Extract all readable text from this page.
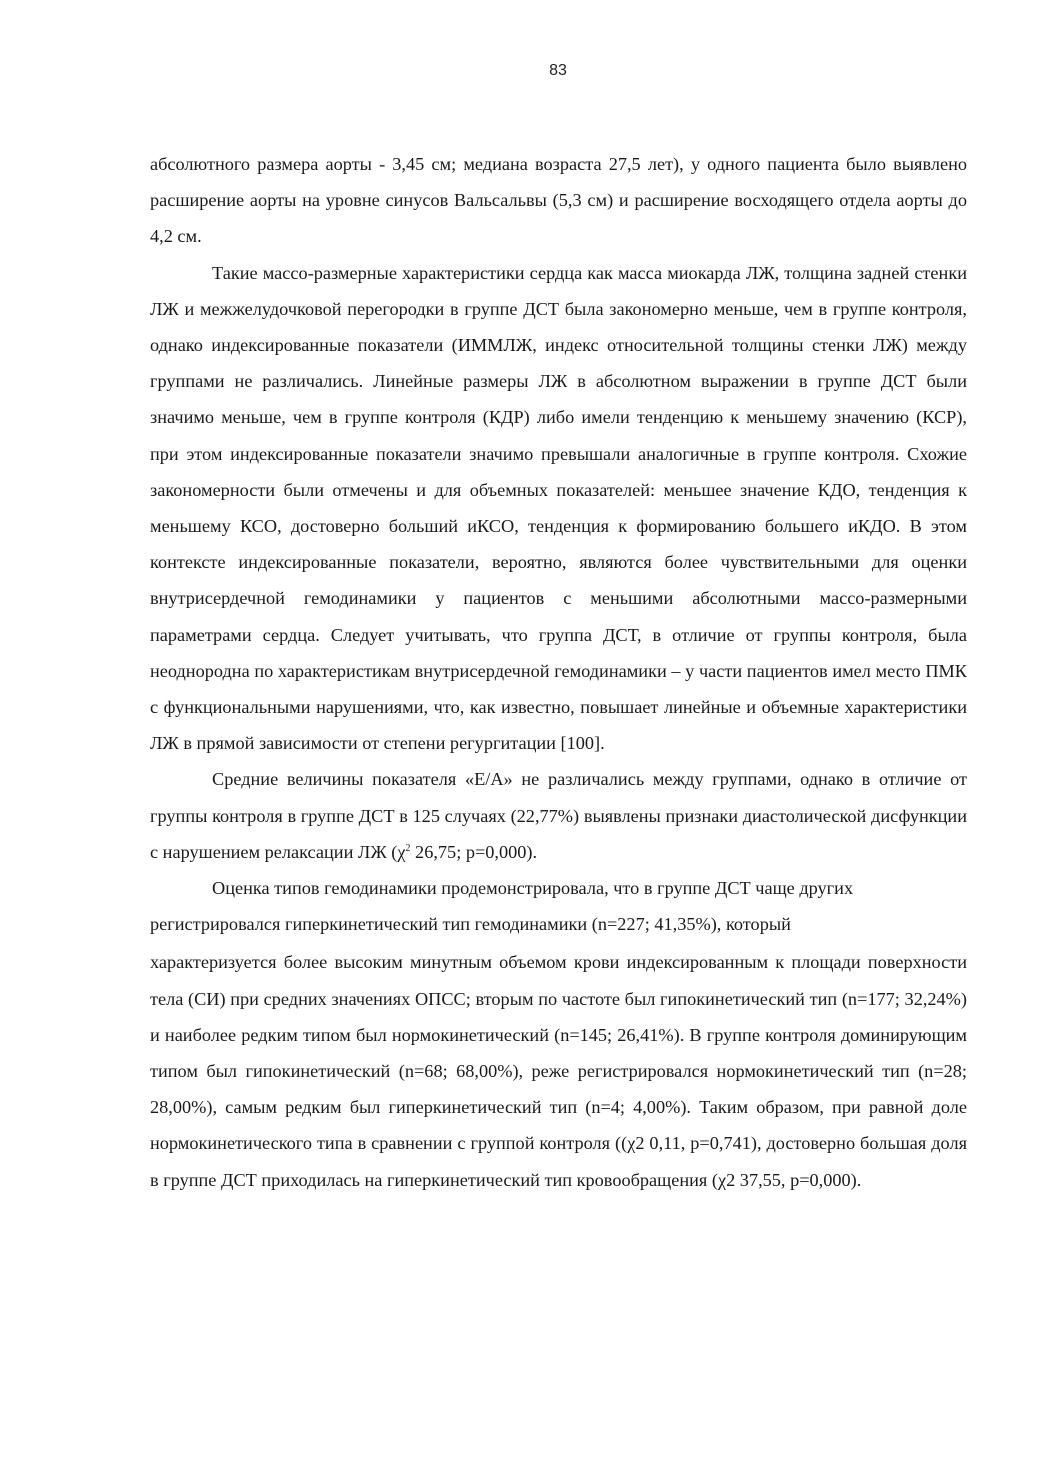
83

абсолютного размера аорты - 3,45 см; медиана возраста 27,5 лет), у одного пациента было выявлено расширение аорты на уровне синусов Вальсальвы (5,3 см) и расширение восходящего отдела аорты до 4,2 см.

Такие массо-размерные характеристики сердца как масса миокарда ЛЖ, толщина задней стенки ЛЖ и межжелудочковой перегородки в группе ДСТ была закономерно меньше, чем в группе контроля, однако индексированные показатели (ИММЛЖ, индекс относительной толщины стенки ЛЖ) между группами не различались. Линейные размеры ЛЖ в абсолютном выражении в группе ДСТ были значимо меньше, чем в группе контроля (КДР) либо имели тенденцию к меньшему значению (КСР), при этом индексированные показатели значимо превышали аналогичные в группе контроля. Схожие закономерности были отмечены и для объемных показателей: меньшее значение КДО, тенденция к меньшему КСО, достоверно больший иКСО, тенденция к формированию большего иКДО. В этом контексте индексированные показатели, вероятно, являются более чувствительными для оценки внутрисердечной гемодинамики у пациентов с меньшими абсолютными массо-размерными параметрами сердца. Следует учитывать, что группа ДСТ, в отличие от группы контроля, была неоднородна по характеристикам внутрисердечной гемодинамики – у части пациентов имел место ПМК с функциональными нарушениями, что, как известно, повышает линейные и объемные характеристики ЛЖ в прямой зависимости от степени регургитации [100].

Средние величины показателя «Е/А» не различались между группами, однако в отличие от группы контроля в группе ДСТ в 125 случаях (22,77%) выявлены признаки диастолической дисфункции с нарушением релаксации ЛЖ ($\chi^2$ 26,75; р=0,000).

Оценка типов гемодинамики продемонстрировала, что в группе ДСТ чаще других регистрировался гиперкинетический тип гемодинамики (n=227; 41,35%), который

характеризуется более высоким минутным объемом крови индексированным к площади поверхности тела (СИ) при средних значениях ОПСС; вторым по частоте был гипокинетический тип (n=177; 32,24%) и наиболее редким типом был нормокинетический (n=145; 26,41%). В группе контроля доминирующим типом был гипокинетический (n=68; 68,00%), реже регистрировался нормокинетический тип (n=28; 28,00%), самым редким был гиперкинетический тип (n=4; 4,00%). Таким образом, при равной доле нормокинетического типа в сравнении с группой контроля ((χ2 0,11, р=0,741), достоверно большая доля в группе ДСТ приходилась на гиперкинетический тип кровообращения (χ2 37,55, р=0,000).
